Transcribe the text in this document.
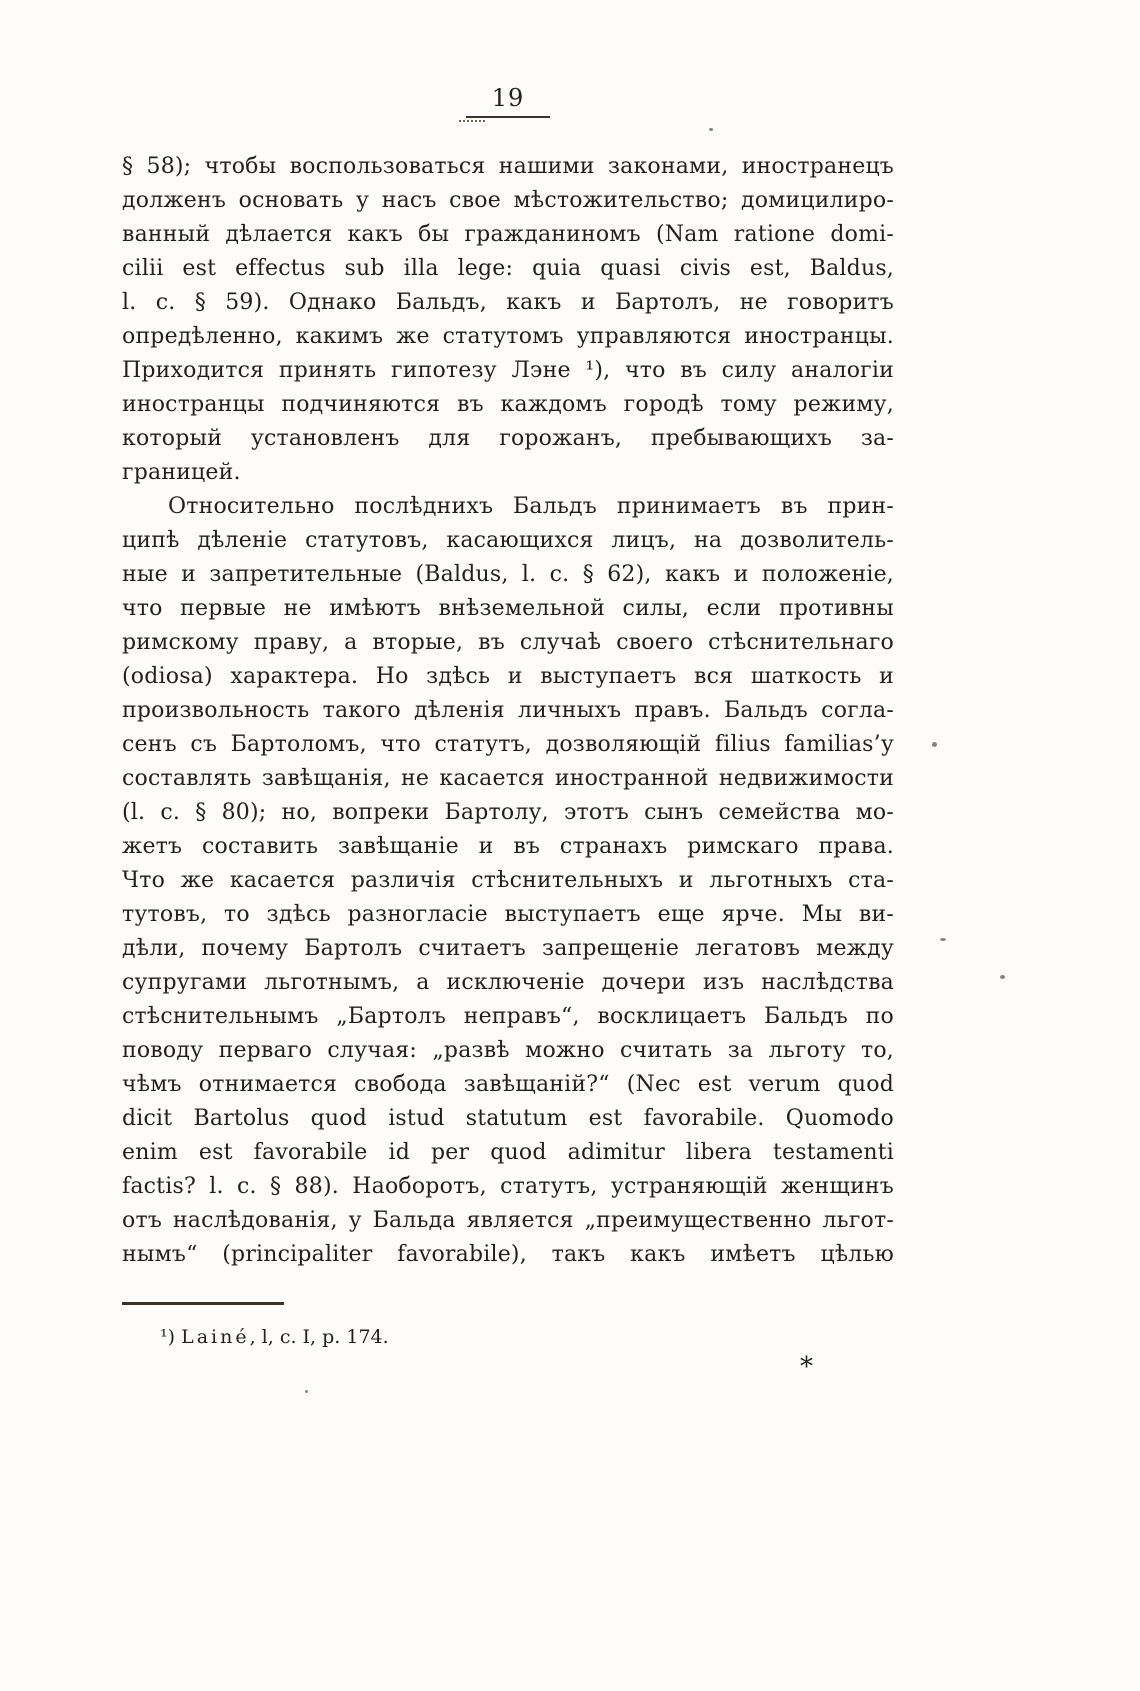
19
§ 58); чтобы воспользоваться нашими законами, иностранецъ
долженъ основать у насъ свое мѣстожительство; домицилиро-
ванный дѣлается какъ бы гражданиномъ (Nam ratione domi-
cilii est effectus sub illa lege: quia quasi civis est, Baldus,
l. c. § 59). Однако Бальдъ, какъ и Бартолъ, не говоритъ
опредѣленно, какимъ же статутомъ управляются иностранцы.
Приходится принять гипотезу Лэне ¹), что въ силу аналогіи
иностранцы подчиняются въ каждомъ городѣ тому режиму,
который установленъ для горожанъ, пребывающихъ за-
границей.
Относительно послѣднихъ Бальдъ принимаетъ въ прин-
ципѣ дѣленіе статутовъ, касающихся лицъ, на дозволитель-
ные и запретительные (Baldus, l. c. § 62), какъ и положеніе,
что первые не имѣютъ внѣземельной силы, если противны
римскому праву, а вторые, въ случаѣ своего стѣснительнаго
(odiosa) характера. Но здѣсь и выступаетъ вся шаткость и
произвольность такого дѣленія личныхъ правъ. Бальдъ согла-
сенъ съ Бартоломъ, что статутъ, дозволяющій filius familias’у
составлять завѣщанія, не касается иностранной недвижимости
(l. c. § 80); но, вопреки Бартолу, этотъ сынъ семейства мо-
жетъ составить завѣщаніе и въ странахъ римскаго права.
Что же касается различія стѣснительныхъ и льготныхъ ста-
тутовъ, то здѣсь разногласіе выступаетъ еще ярче. Мы ви-
дѣли, почему Бартолъ считаетъ запрещеніе легатовъ между
супругами льготнымъ, а исключеніе дочери изъ наслѣдства
стѣснительнымъ „Бартолъ неправъ“, восклицаетъ Бальдъ по
поводу перваго случая: „развѣ можно считать за льготу то,
чѣмъ отнимается свобода завѣщаній?“ (Nec est verum quod
dicit Bartolus quod istud statutum est favorabile. Quomodo
enim est favorabile id per quod adimitur libera testamenti
factis? l. c. § 88). Наоборотъ, статутъ, устраняющій женщинъ
отъ наслѣдованія, у Бальда является „преимущественно льгот-
нымъ“ (principaliter favorabile), такъ какъ имѣетъ цѣлью
¹) Lainé, l, c. I, p. 174.
*
